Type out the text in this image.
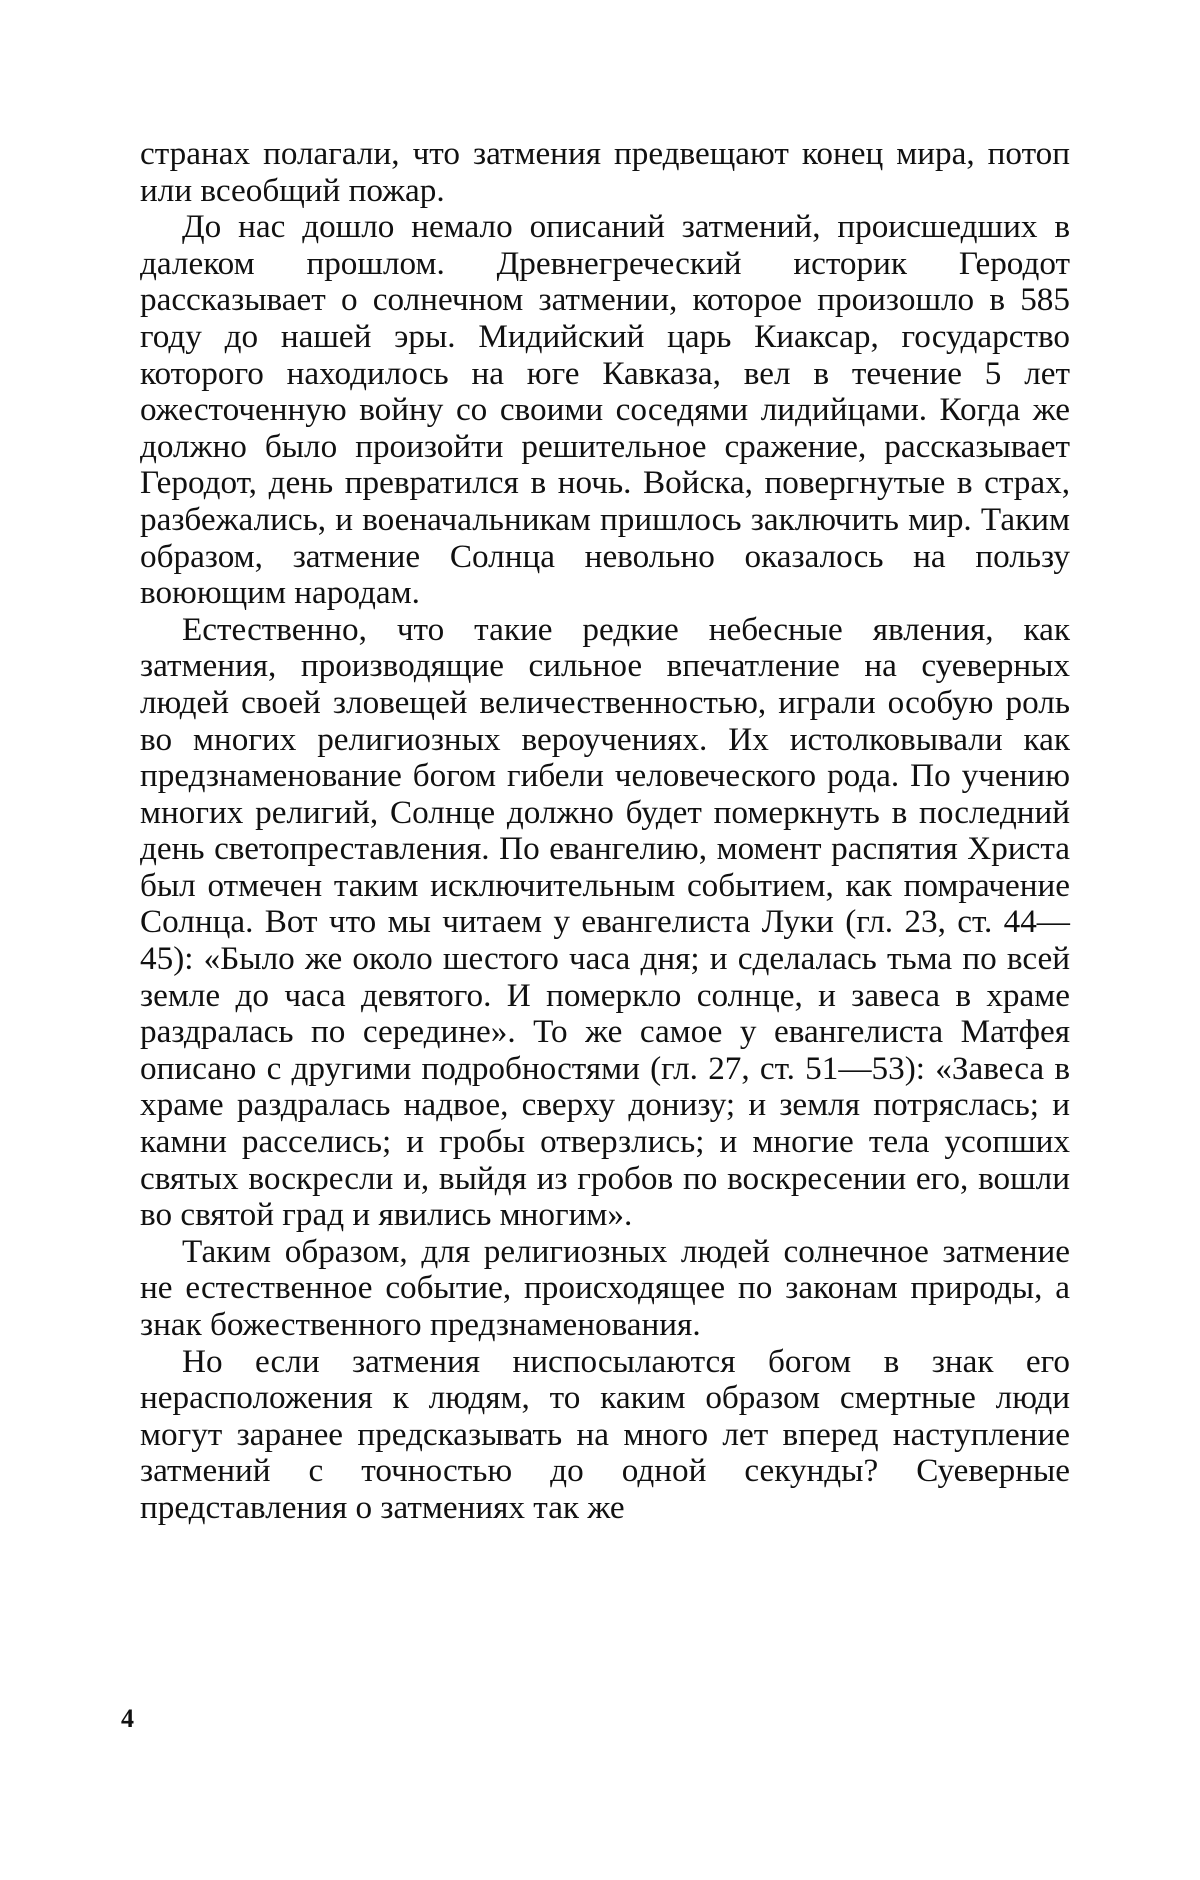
странах полагали, что затмения предвещают конец мира, потоп или всеобщий пожар.

До нас дошло немало описаний затмений, происшедших в далеком прошлом. Древнегреческий историк Геродот рассказывает о солнечном затмении, которое произошло в 585 году до нашей эры. Мидийский царь Киаксар, государство которого находилось на юге Кавказа, вел в течение 5 лет ожесточенную войну со своими соседями лидийцами. Когда же должно было произойти решительное сражение, рассказывает Геродот, день превратился в ночь. Войска, повергнутые в страх, разбежались, и военачальникам пришлось заключить мир. Таким образом, затмение Солнца невольно оказалось на пользу воюющим народам.

Естественно, что такие редкие небесные явления, как затмения, производящие сильное впечатление на суеверных людей своей зловещей величественностью, играли особую роль во многих религиозных вероучениях. Их истолковывали как предзнаменование богом гибели человеческого рода. По учению многих религий, Солнце должно будет померкнуть в последний день светопреставления. По евангелию, момент распятия Христа был отмечен таким исключительным событием, как помрачение Солнца. Вот что мы читаем у евангелиста Луки (гл. 23, ст. 44—45): «Было же около шестого часа дня; и сделалась тьма по всей земле до часа девятого. И померкло солнце, и завеса в храме раздралась по середине». То же самое у евангелиста Матфея описано с другими подробностями (гл. 27, ст. 51—53): «Завеса в храме раздралась надвое, сверху донизу; и земля потряслась; и камни расселись; и гробы отверзлись; и многие тела усопших святых воскресли и, выйдя из гробов по воскресении его, вошли во святой град и явились многим».

Таким образом, для религиозных людей солнечное затмение не естественное событие, происходящее по законам природы, а знак божественного предзнаменования.

Но если затмения ниспосылаются богом в знак его нерасположения к людям, то каким образом смертные люди могут заранее предсказывать на много лет вперед наступление затмений с точностью до одной секунды? Суеверные представления о затмениях так же

4
